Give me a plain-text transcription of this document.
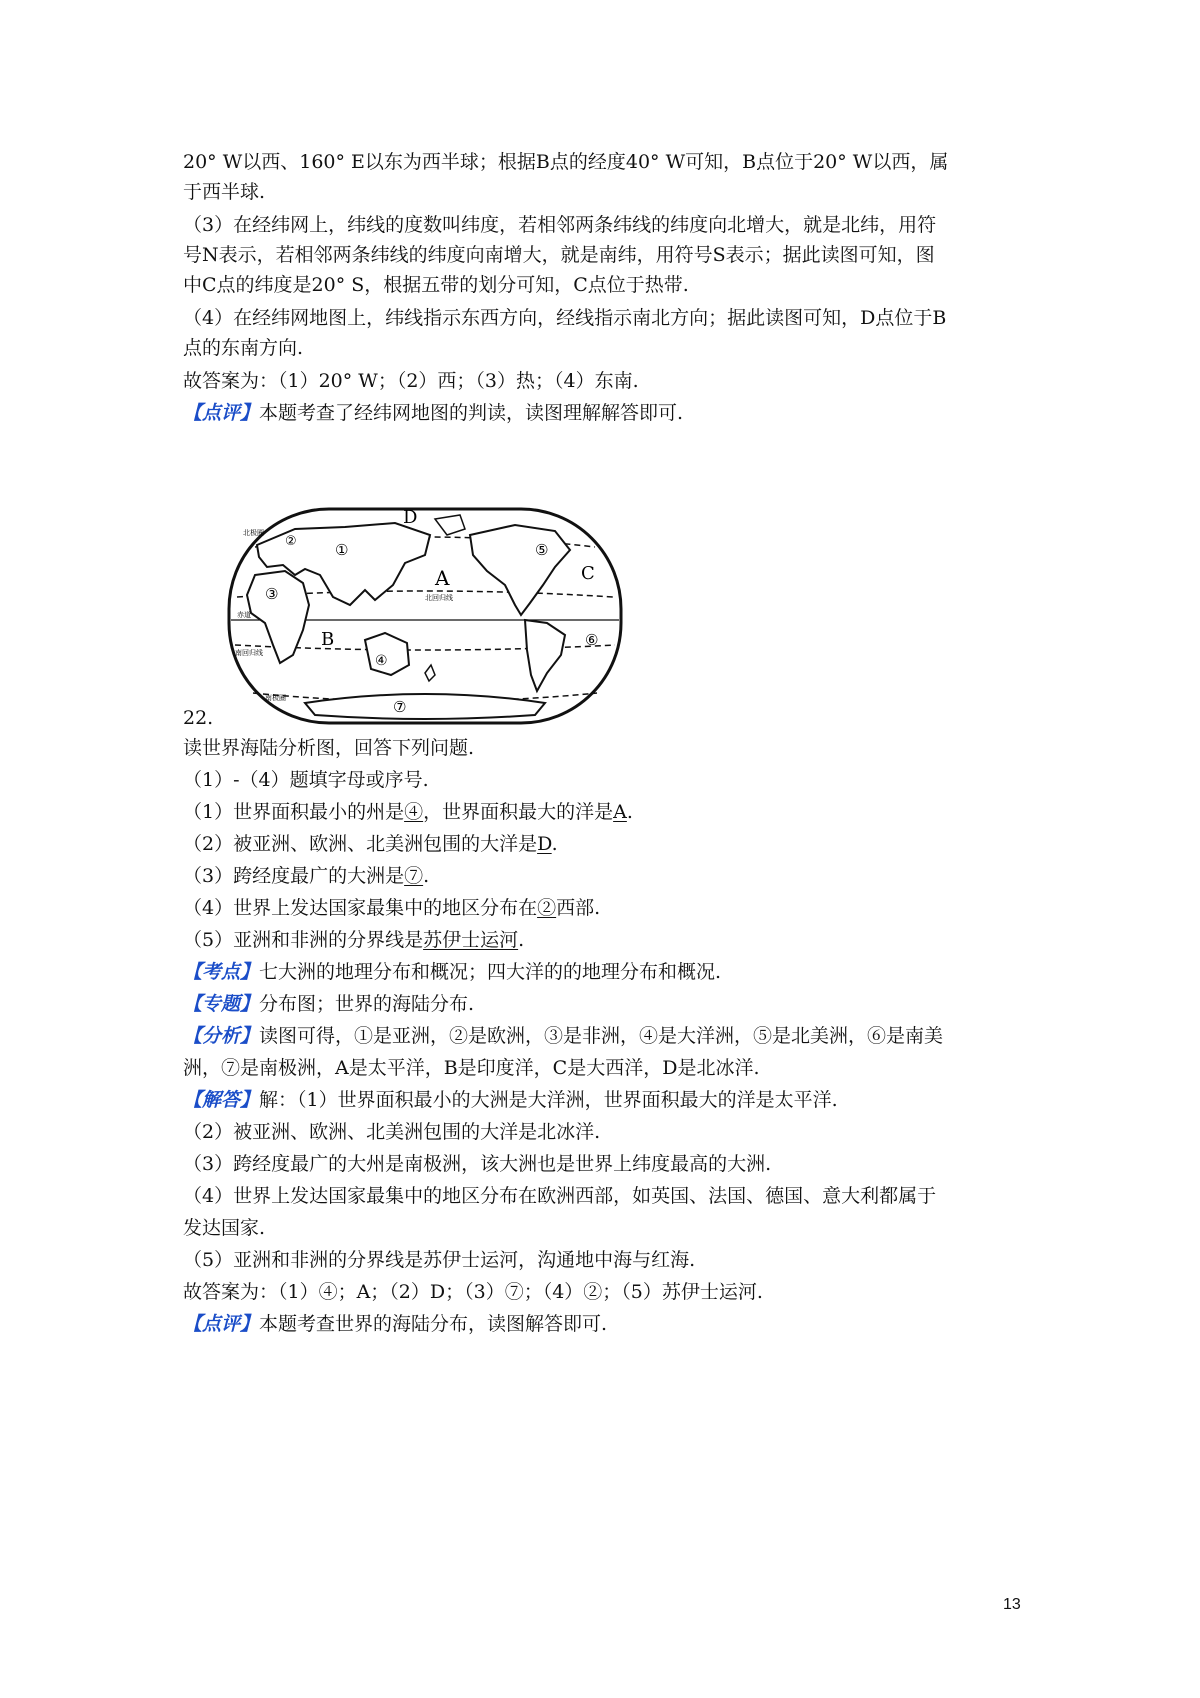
20° W以西、160° E以东为西半球；根据B点的经度40° W可知，B点位于20° W以西，属
于西半球.
（3）在经纬网上，纬线的度数叫纬度，若相邻两条纬线的纬度向北增大，就是北纬，用符
号N表示，若相邻两条纬线的纬度向南增大，就是南纬，用符号S表示；据此读图可知，图
中C点的纬度是20° S，根据五带的划分可知，C点位于热带.
（4）在经纬网地图上，纬线指示东西方向，经线指示南北方向；据此读图可知，D点位于B
点的东南方向.
故答案为：（1）20° W；（2）西；（3）热；（4）东南.
【点评】本题考查了经纬网地图的判读，读图理解解答即可.
22.
D
A
B
C
①
②
③
④
⑤
⑥
⑦
北极圈
北回归线
赤道
南回归线
南极圈
读世界海陆分析图，回答下列问题.
（1）-（4）题填字母或序号.
（1）世界面积最小的州是④，世界面积最大的洋是A.
（2）被亚洲、欧洲、北美洲包围的大洋是D.
（3）跨经度最广的大洲是⑦.
（4）世界上发达国家最集中的地区分布在②西部.
（5）亚洲和非洲的分界线是苏伊士运河.
【考点】七大洲的地理分布和概况；四大洋的的地理分布和概况.
【专题】分布图；世界的海陆分布.
【分析】读图可得，①是亚洲，②是欧洲，③是非洲，④是大洋洲，⑤是北美洲，⑥是南美
洲，⑦是南极洲，A是太平洋，B是印度洋，C是大西洋，D是北冰洋.
【解答】解：（1）世界面积最小的大洲是大洋洲，世界面积最大的洋是太平洋.
（2）被亚洲、欧洲、北美洲包围的大洋是北冰洋.
（3）跨经度最广的大州是南极洲，该大洲也是世界上纬度最高的大洲.
（4）世界上发达国家最集中的地区分布在欧洲西部，如英国、法国、德国、意大利都属于
发达国家.
（5）亚洲和非洲的分界线是苏伊士运河，沟通地中海与红海.
故答案为：（1）④；A；（2）D；（3）⑦；（4）②；（5）苏伊士运河.
【点评】本题考查世界的海陆分布，读图解答即可.
13
